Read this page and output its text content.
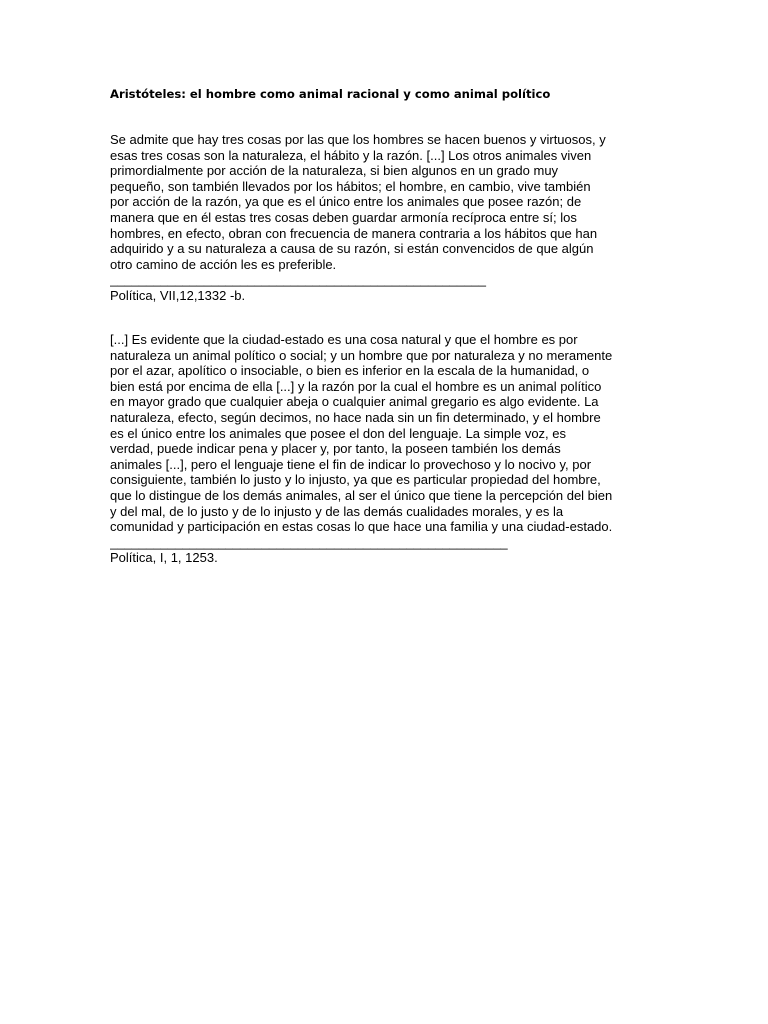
Aristóteles: el hombre como animal racional y como animal político
Se admite que hay tres cosas por las que los hombres se hacen buenos y virtuosos, y
esas tres cosas son la naturaleza, el hábito y la razón. [...] Los otros animales viven
primordialmente por acción de la naturaleza, si bien algunos en un grado muy
pequeño, son también llevados por los hábitos; el hombre, en cambio, vive también
por acción de la razón, ya que es el único entre los animales que posee razón; de
manera que en él estas tres cosas deben guardar armonía recíproca entre sí; los
hombres, en efecto, obran con frecuencia de manera contraria a los hábitos que han
adquirido y a su naturaleza a causa de su razón, si están convencidos de que algún
otro camino de acción les es preferible.
____________________________________________________
Política, VII,12,1332 -b.
[...] Es evidente que la ciudad-estado es una cosa natural y que el hombre es por
naturaleza un animal político o social; y un hombre que por naturaleza y no meramente
por el azar, apolítico o insociable, o bien es inferior en la escala de la humanidad, o
bien está por encima de ella [...] y la razón por la cual el hombre es un animal político
en mayor grado que cualquier abeja o cualquier animal gregario es algo evidente. La
naturaleza, efecto, según decimos, no hace nada sin un fin determinado, y el hombre
es el único entre los animales que posee el don del lenguaje. La simple voz, es
verdad, puede indicar pena y placer y, por tanto, la poseen también los demás
animales [...], pero el lenguaje tiene el fin de indicar lo provechoso y lo nocivo y, por
consiguiente, también lo justo y lo injusto, ya que es particular propiedad del hombre,
que lo distingue de los demás animales, al ser el único que tiene la percepción del bien
y del mal, de lo justo y de lo injusto y de las demás cualidades morales, y es la
comunidad y participación en estas cosas lo que hace una familia y una ciudad-estado.
_______________________________________________________
Política, I, 1, 1253.
